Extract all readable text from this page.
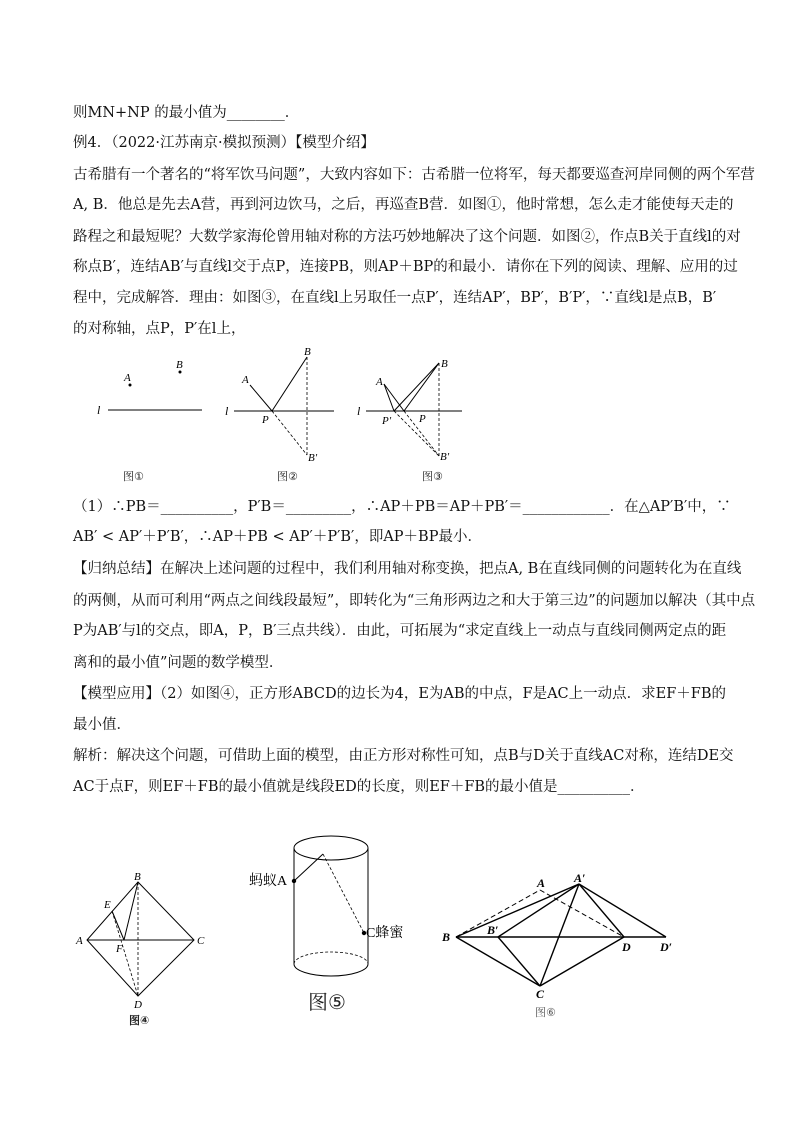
则MN+NP 的最小值为________．
例4．（2022·江苏南京·模拟预测）【模型介绍】
古希腊有一个著名的“将军饮马问题”，大致内容如下：古希腊一位将军，每天都要巡查河岸同侧的两个军营
A, B．他总是先去A营，再到河边饮马，之后，再巡查B营．如图①，他时常想，怎么走才能使每天走的
路程之和最短呢？大数学家海伦曾用轴对称的方法巧妙地解决了这个问题．如图②，作点B关于直线l的对
称点B′，连结AB′与直线l交于点P，连接PB，则AP＋BP的和最小．请你在下列的阅读、理解、应用的过
程中，完成解答．理由：如图③，在直线l上另取任一点P′，连结AP′，BP′，B′P′，∵直线l是点B，B′
的对称轴，点P，P′在l上，
A
B
l
图①
A
B
P
B′
l
图②
A
B
P′	P
B′
l
图③
（1）∴PB＝__________，P′B＝_________，∴AP＋PB＝AP＋PB′＝____________．在△AP′B′中，∵
AB′ < AP′＋P′B′，∴AP＋PB < AP′＋P′B′，即AP＋BP最小．
【归纳总结】在解决上述问题的过程中，我们利用轴对称变换，把点A, B在直线同侧的问题转化为在直线
的两侧，从而可利用“两点之间线段最短”，即转化为“三角形两边之和大于第三边”的问题加以解决（其中点
P为AB′与l的交点，即A，P，B′三点共线）．由此，可拓展为“求定直线上一动点与直线同侧两定点的距
离和的最小值”问题的数学模型．
【模型应用】（2）如图④，正方形ABCD的边长为4，E为AB的中点，F是AC上一动点．求EF＋FB的
最小值．
解析：解决这个问题，可借助上面的模型，由正方形对称性可知，点B与D关于直线AC对称，连结DE交
AC于点F，则EF＋FB的最小值就是线段ED的长度，则EF＋FB的最小值是__________．
B
E
A
F
C
D
图④
蚂蚁A
C蜂蜜
图⑤
A A′
B	B′
D D′
C
图⑥
